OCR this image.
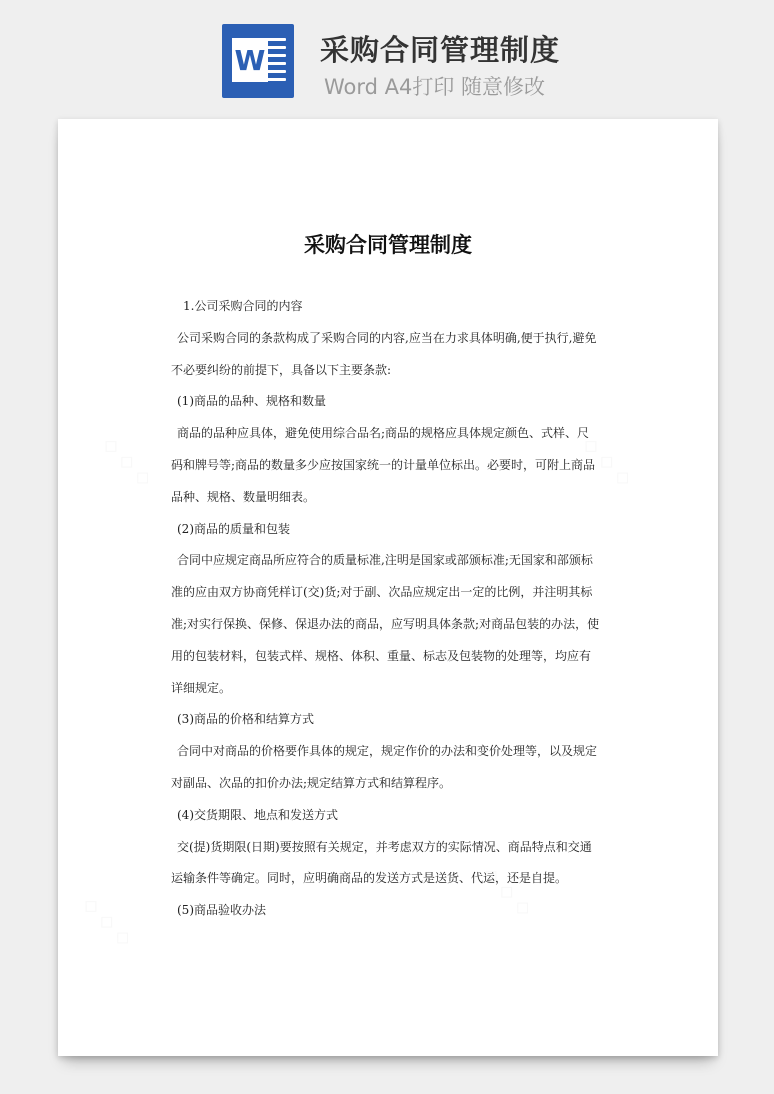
W 采购合同管理制度
Word A4打印 随意修改
◇ ◇ ◇	◇ ◇ ◇
◇ ◇ ◇
◇ ◇ ◇
采购合同管理制度

1.公司采购合同的内容

公司采购合同的条款构成了采购合同的内容,应当在力求具体明确,便于执行,避免不必要纠纷的前提下，具备以下主要条款:

(1)商品的品种、规格和数量

商品的品种应具体，避免使用综合品名;商品的规格应具体规定颜色、式样、尺码和牌号等;商品的数量多少应按国家统一的计量单位标出。必要时，可附上商品品种、规格、数量明细表。

(2)商品的质量和包装

合同中应规定商品所应符合的质量标准,注明是国家或部颁标准;无国家和部颁标准的应由双方协商凭样订(交)货;对于副、次品应规定出一定的比例，并注明其标准;对实行保换、保修、保退办法的商品，应写明具体条款;对商品包装的办法，使用的包装材料，包装式样、规格、体积、重量、标志及包装物的处理等，均应有详细规定。

(3)商品的价格和结算方式

合同中对商品的价格要作具体的规定，规定作价的办法和变价处理等，以及规定对副品、次品的扣价办法;规定结算方式和结算程序。

(4)交货期限、地点和发送方式

交(提)货期限(日期)要按照有关规定，并考虑双方的实际情况、商品特点和交通运输条件等确定。同时，应明确商品的发送方式是送货、代运，还是自提。

(5)商品验收办法
